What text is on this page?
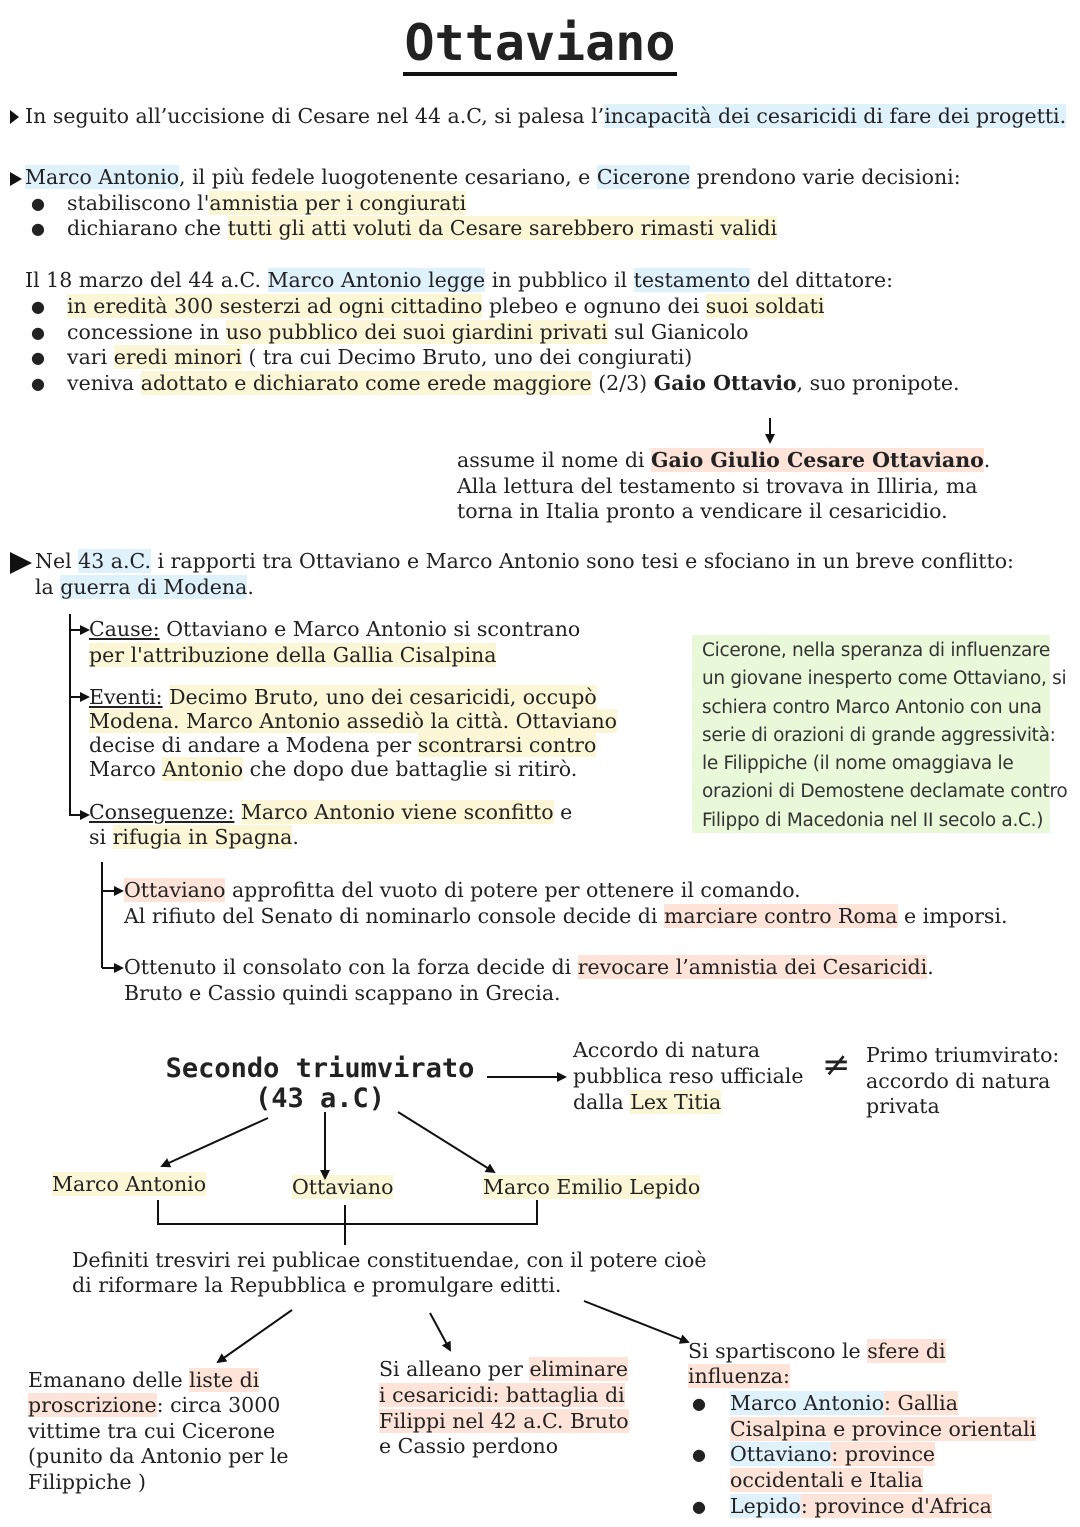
Ottaviano
In seguito all’uccisione di Cesare nel 44 a.C, si palesa l’incapacità dei cesaricidi di fare dei progetti.
Marco Antonio, il più fedele luogotenente cesariano, e Cicerone prendono varie decisioni:
● stabiliscono l'amnistia per i congiurati
● dichiarano che tutti gli atti voluti da Cesare sarebbero rimasti validi
Il 18 marzo del 44 a.C. Marco Antonio legge in pubblico il testamento del dittatore:
● in eredità 300 sesterzi ad ogni cittadino plebeo e ognuno dei suoi soldati
● concessione in uso pubblico dei suoi giardini privati sul Gianicolo
● vari eredi minori ( tra cui Decimo Bruto, uno dei congiurati)
● veniva adottato e dichiarato come erede maggiore (2/3) Gaio Ottavio, suo pronipote.
assume il nome di Gaio Giulio Cesare Ottaviano.
Alla lettura del testamento si trovava in Illiria, ma
torna in Italia pronto a vendicare il cesaricidio.
Nel 43 a.C. i rapporti tra Ottaviano e Marco Antonio sono tesi e sfociano in un breve conflitto:
la guerra di Modena.
Cause: Ottaviano e Marco Antonio si scontrano
per l'attribuzione della Gallia Cisalpina
Eventi: Decimo Bruto, uno dei cesaricidi, occupò
Modena. Marco Antonio assediò la città. Ottaviano
decise di andare a Modena per scontrarsi contro
Marco Antonio che dopo due battaglie si ritirò.
Conseguenze: Marco Antonio viene sconfitto e
si rifugia in Spagna.
Cicerone, nella speranza di influenzare
un giovane inesperto come Ottaviano, si
schiera contro Marco Antonio con una
serie di orazioni di grande aggressività:
le Filippiche (il nome omaggiava le
orazioni di Demostene declamate contro
Filippo di Macedonia nel II secolo a.C.)
Ottaviano approfitta del vuoto di potere per ottenere il comando.
Al rifiuto del Senato di nominarlo console decide di marciare contro Roma e imporsi.
Ottenuto il consolato con la forza decide di revocare l’amnistia dei Cesaricidi.
Bruto e Cassio quindi scappano in Grecia.
Secondo triumvirato
(43 a.C)
Accordo di natura
pubblica reso ufficiale
dalla Lex Titia
≠ Primo triumvirato:
accordo di natura
privata
Marco Antonio	Ottaviano	Marco Emilio Lepido
Definiti tresviri rei publicae constituendae, con il potere cioè
di riformare la Repubblica e promulgare editti.
Emanano delle liste di
proscrizione: circa 3000
vittime tra cui Cicerone
(punito da Antonio per le
Filippiche )
Si alleano per eliminare
i cesaricidi: battaglia di
Filippi nel 42 a.C. Bruto
e Cassio perdono
Si spartiscono le sfere di
influenza:
● Marco Antonio: Gallia
Cisalpina e province orientali
● Ottaviano: province
occidentali e Italia
● Lepido: province d'Africa
